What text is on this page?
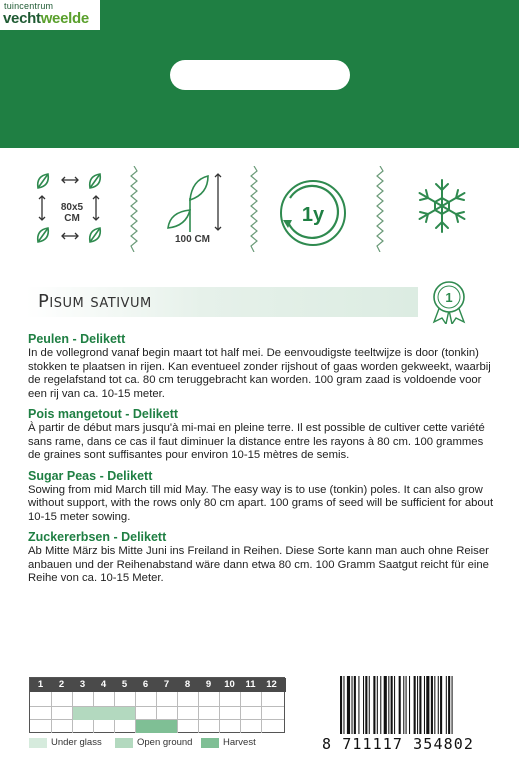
tuincentrum
vechtweelde
80x5
CM
100 CM
1y
Pisum sativum	1
Peulen - Delikett

In de vollegrond vanaf begin maart tot half mei. De eenvoudigste teeltwijze is door (tonkin) stokken te plaatsen in rijen. Kan eventueel zonder rijshout of gaas worden gekweekt, waarbij de regelafstand tot ca. 80 cm teruggebracht kan worden. 100 gram zaad is voldoende voor een rij van ca. 10-15 meter.

Pois mangetout - Delikett

À partir de début mars jusqu'à mi-mai en pleine terre. Il est possible de cultiver cette variété sans rame, dans ce cas il faut diminuer la distance entre les rayons à 80 cm. 100 grammes de graines sont suffisantes pour environ 10-15 mètres de semis.

Sugar Peas - Delikett

Sowing from mid March till mid May. The easy way is to use (tonkin) poles. It can also grow without support, with the rows only 80 cm apart. 100 grams of seed will be sufficient for about 10-15 meter sowing.

Zuckererbsen - Delikett

Ab Mitte März bis Mitte Juni ins Freiland in Reihen. Diese Sorte kann man auch ohne Reiser anbauen und der Reihenabstand wäre dann etwa 80 cm. 100 Gramm Saatgut reicht für eine Reihe von ca. 10-15 Meter.

1	2	3	4	5	6	7	8	9	10	11	12
Under glass	Open ground	Harvest	8 711117 354802
